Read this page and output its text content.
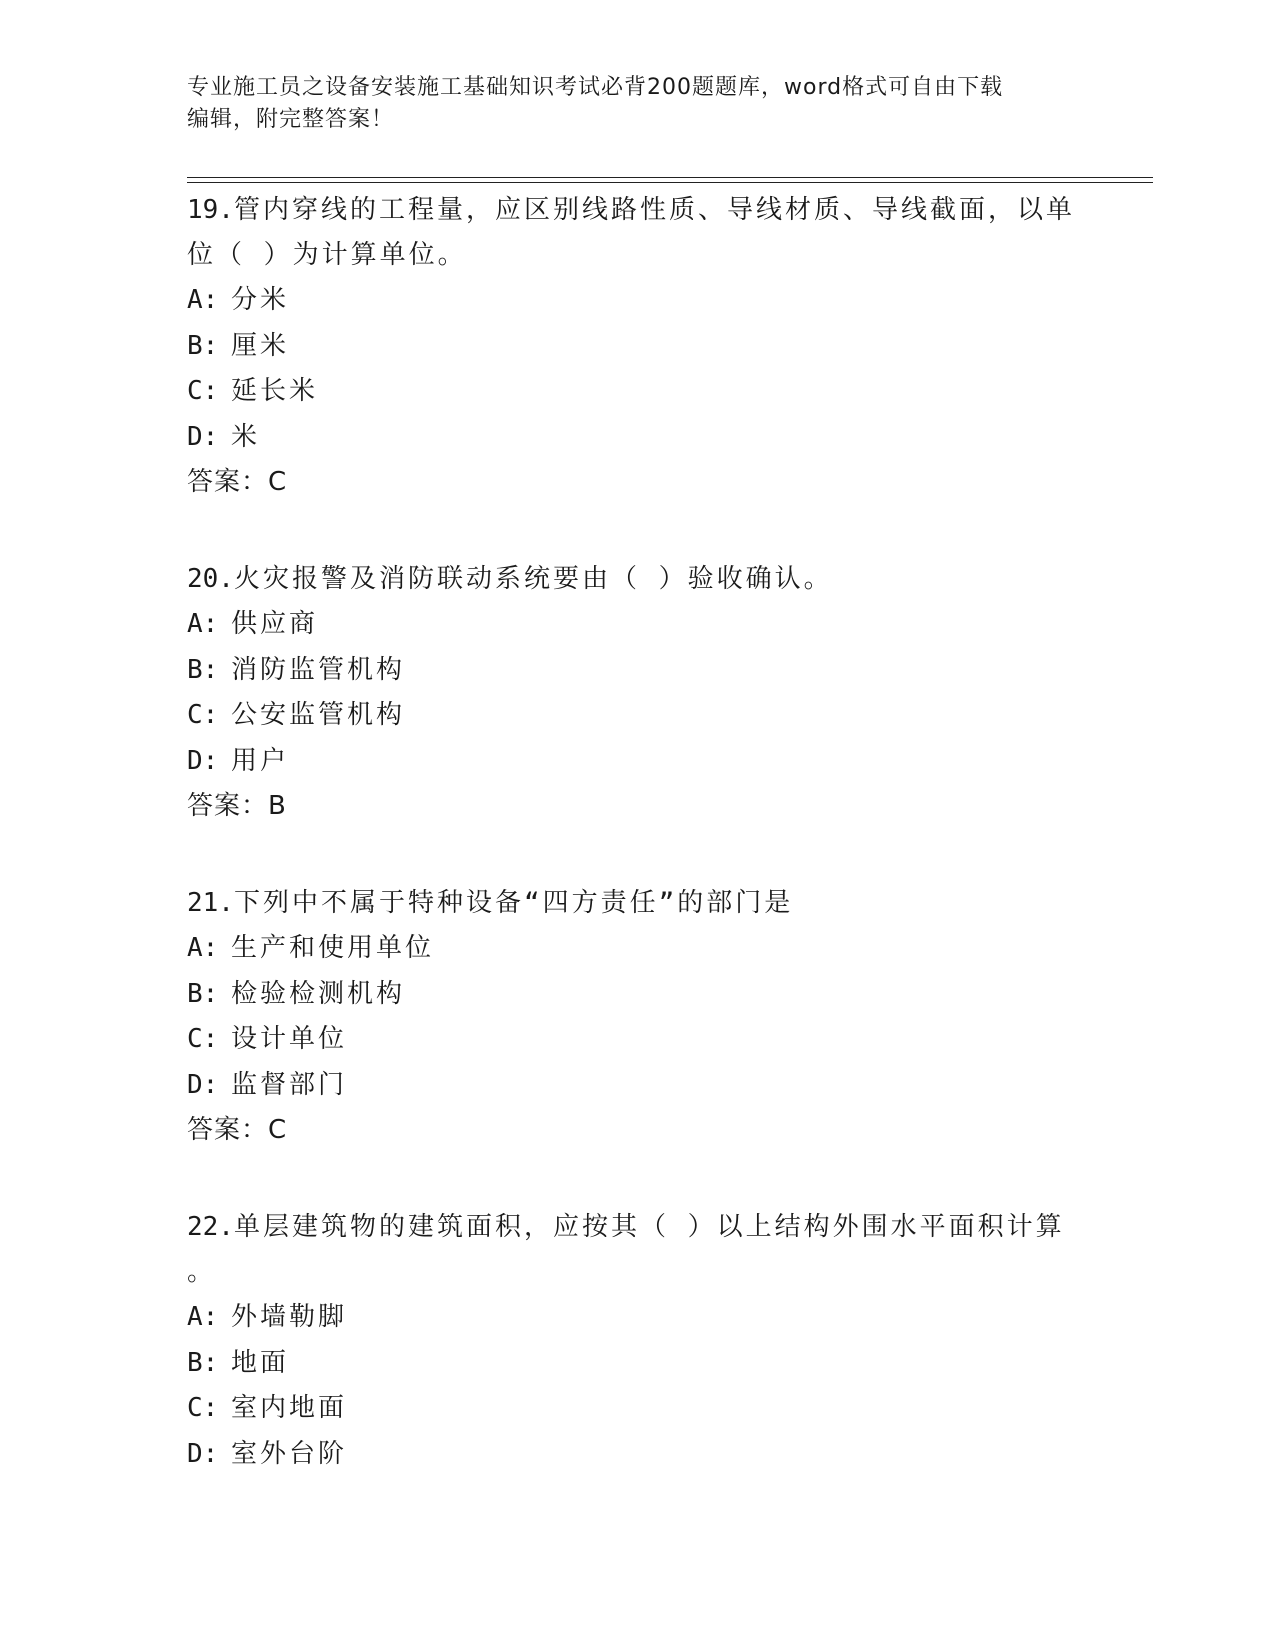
专业施工员之设备安装施工基础知识考试必背200题题库，word格式可自由下载
编辑，附完整答案！

19.管内穿线的工程量，应区别线路性质、导线材质、导线截面，以单
位（ ）为计算单位。

A: 分米

B: 厘米

C: 延长米

D: 米

答案：C

20.火灾报警及消防联动系统要由（ ）验收确认。

A: 供应商

B: 消防监管机构

C: 公安监管机构

D: 用户

答案：B

21.下列中不属于特种设备“四方责任”的部门是

A: 生产和使用单位

B: 检验检测机构

C: 设计单位

D: 监督部门

答案：C

22.单层建筑物的建筑面积，应按其（ ）以上结构外围水平面积计算
。

A: 外墙勒脚

B: 地面

C: 室内地面

D: 室外台阶
